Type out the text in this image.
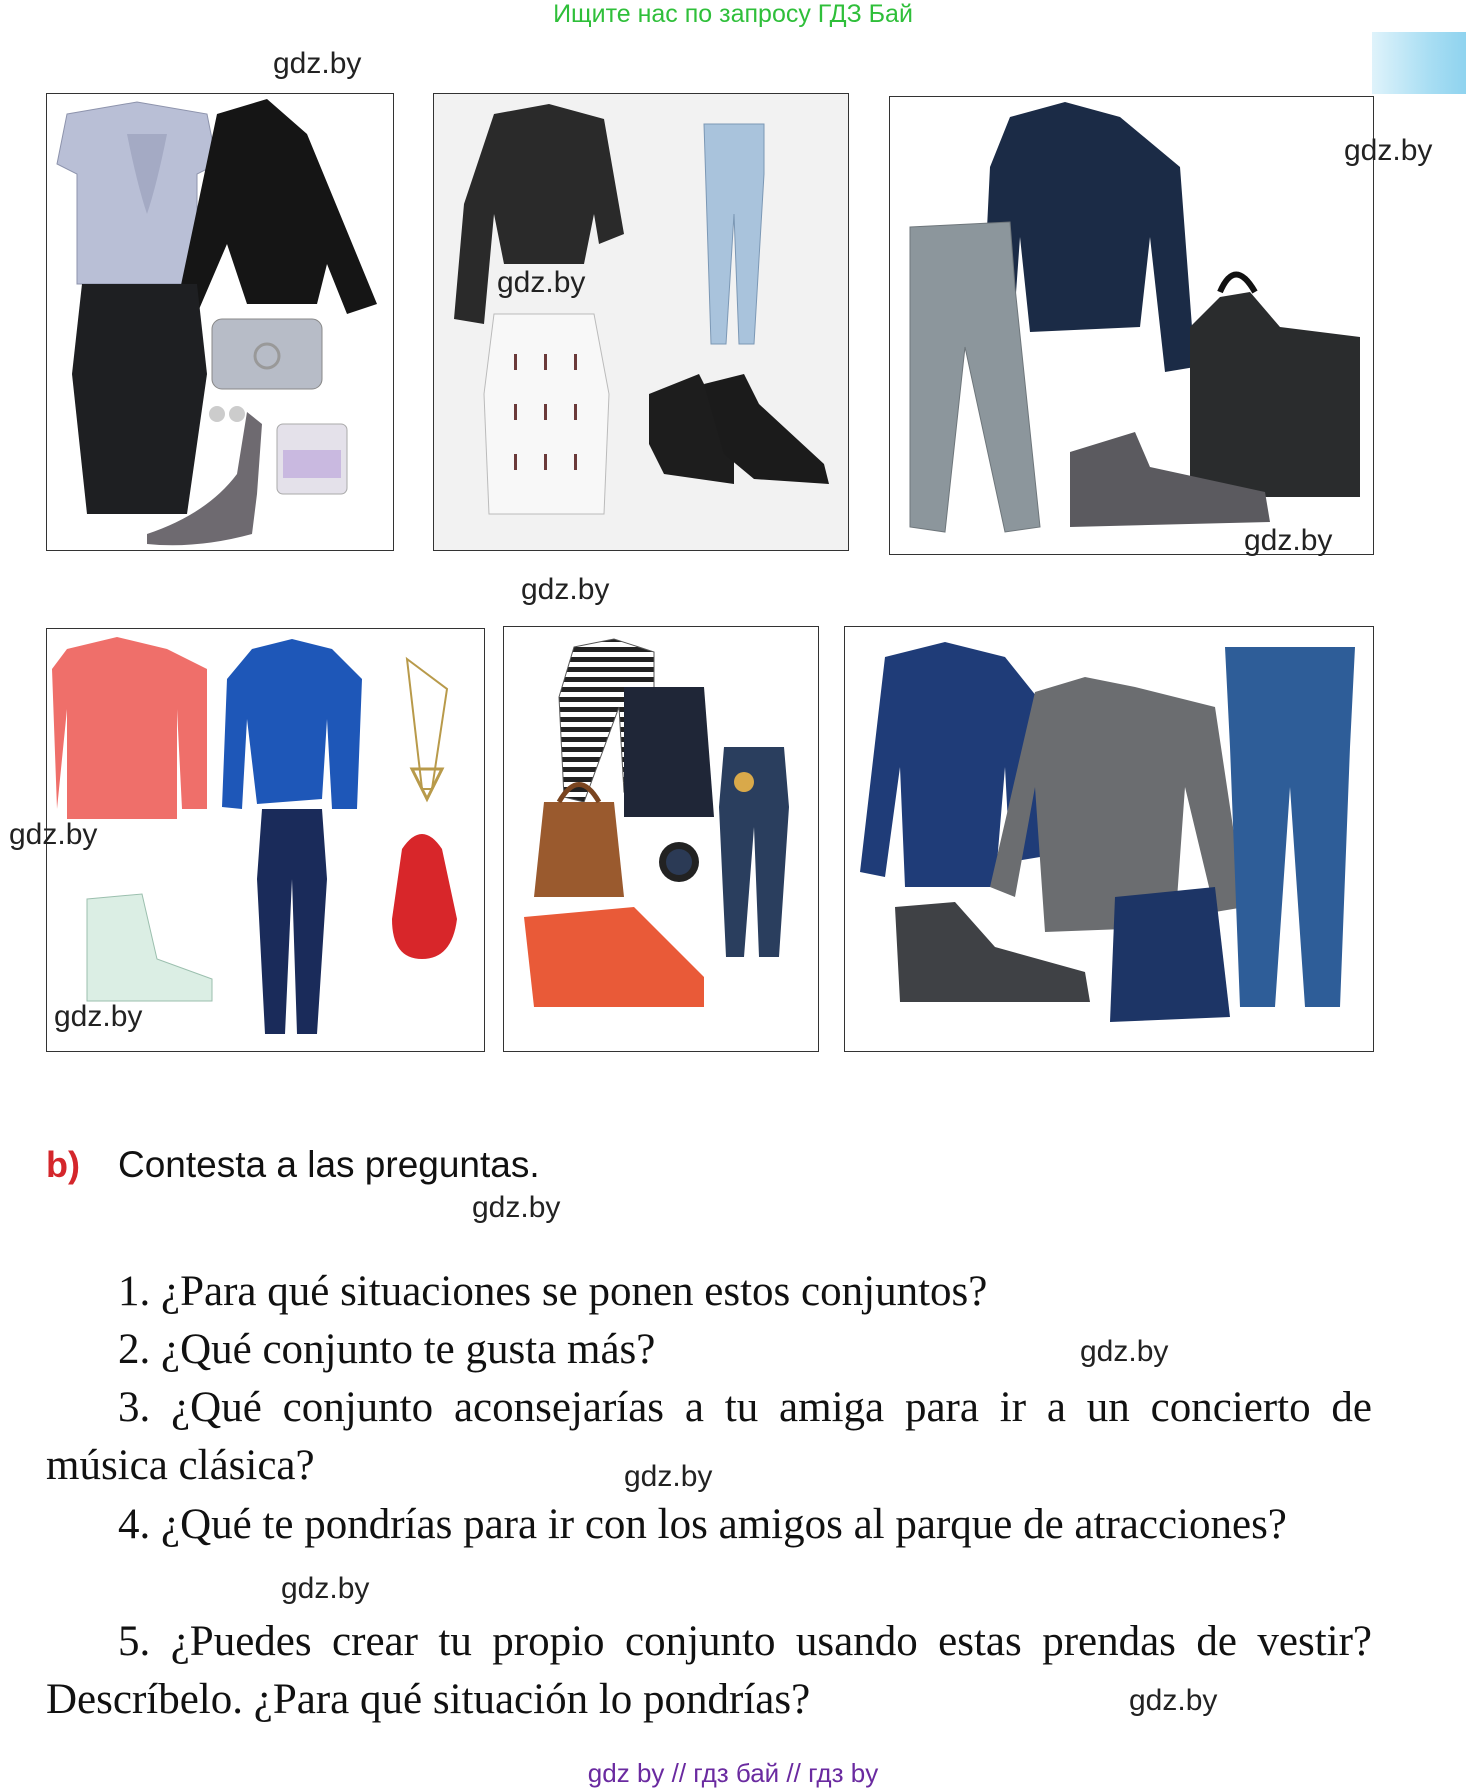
Ищите нас по запросу ГДЗ Бай
gdz.by
gdz.by
gdz.by
gdz.by
gdz.by
gdz.by
gdz.by
b) Contesta a las preguntas.
gdz.by
1. ¿Para qué situaciones se ponen estos conjuntos?
2. ¿Qué conjunto te gusta más?	gdz.by
3. ¿Qué conjunto aconsejarías a tu amiga para ir a un concierto de música clásica?	gdz.by
4. ¿Qué te pondrías para ir con los amigos al parque de atracciones?
gdz.by
5. ¿Puedes crear tu propio conjunto usando estas prendas de vestir? Descríbelo. ¿Para qué situación lo pondrías?	gdz.by
gdz by // гдз бай // гдз by
